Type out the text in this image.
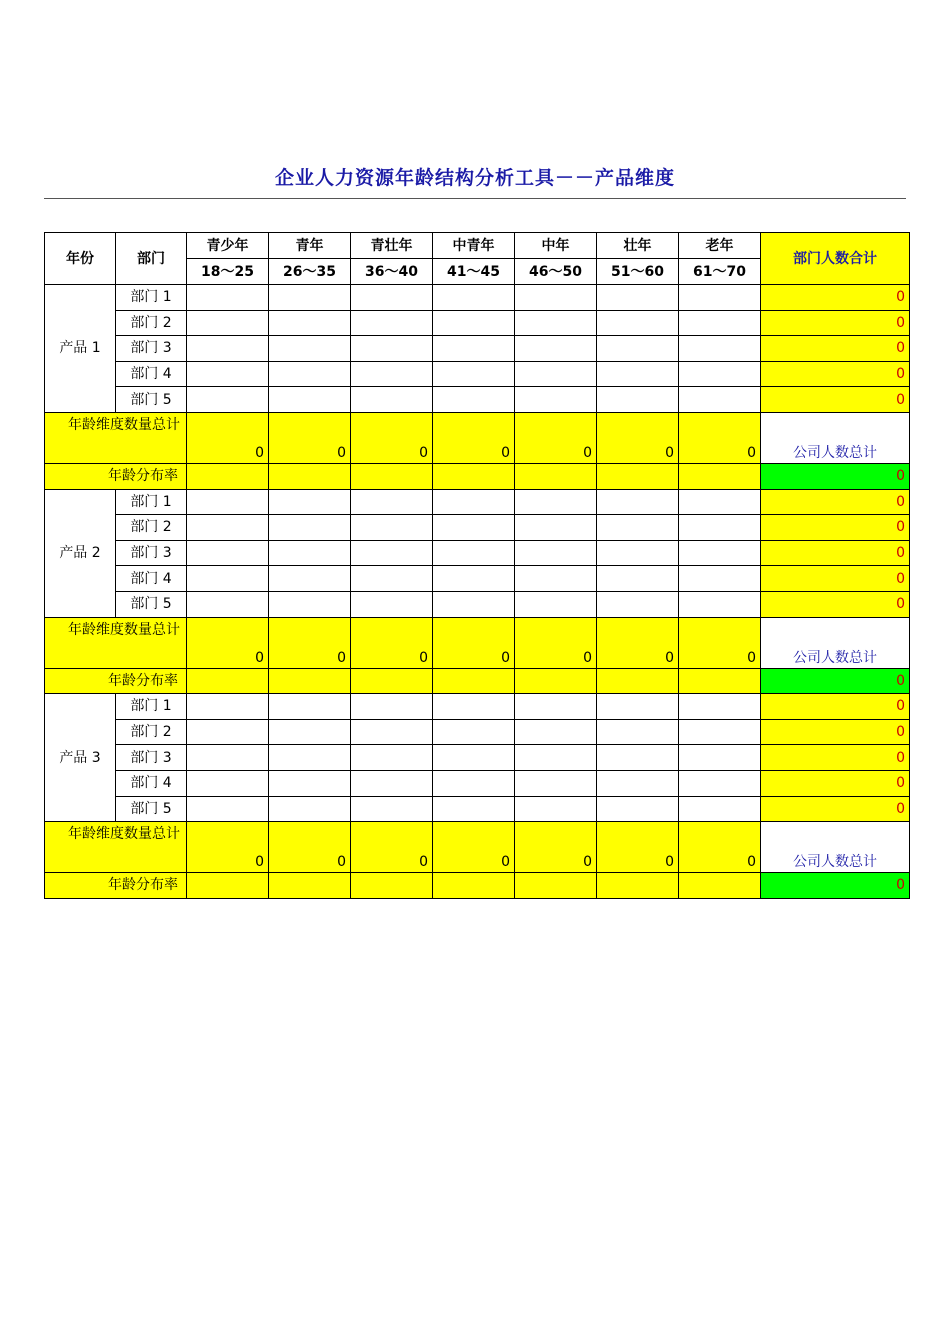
企业人力资源年龄结构分析工具－－产品维度
年份	部门	青少年	青年	青壮年	中青年	中年	壮年	老年	部门人数合计
		18～25	26～35	36～40	41～45	46～50	51～60	61～70	
产品 1	部门 1								0
	部门 2								0
	部门 3								0
	部门 4								0
	部门 5								0
年龄维度数量总计		0	0	0	0	0	0	0	公司人数总计
年龄分布率									0
产品 2	部门 1								0
	部门 2								0
	部门 3								0
	部门 4								0
	部门 5								0
年龄维度数量总计		0	0	0	0	0	0	0	公司人数总计
年龄分布率									0
产品 3	部门 1								0
	部门 2								0
	部门 3								0
	部门 4								0
	部门 5								0
年龄维度数量总计		0	0	0	0	0	0	0	公司人数总计
年龄分布率									0
